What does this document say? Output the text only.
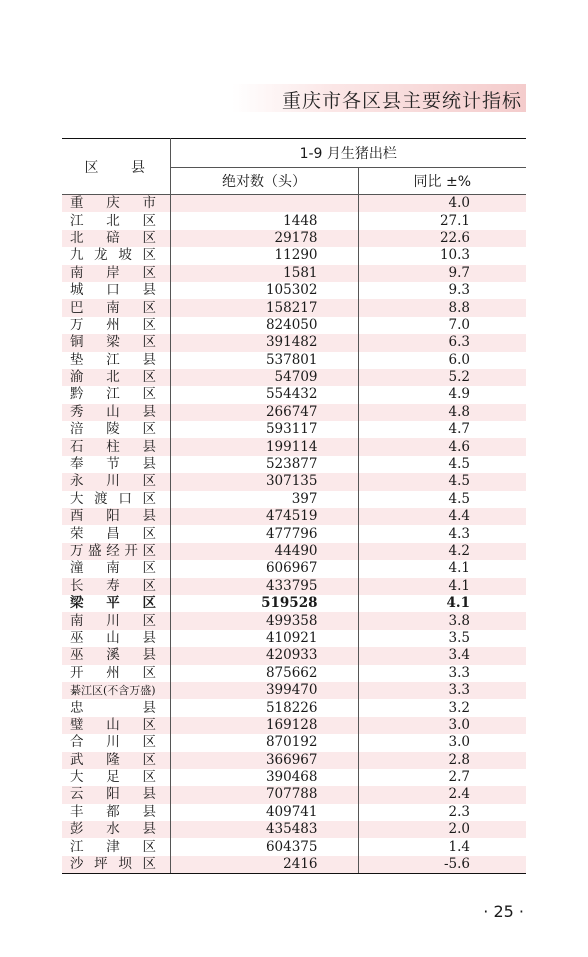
重庆市各区县主要统计指标
区 县	1-9 月生猪出栏	
	绝对数（头）	同比 ±%
重庆市		4.0
江北区	1448	27.1
北碚区	29178	22.6
九龙坡区	11290	10.3
南岸区	1581	9.7
城口县	105302	9.3
巴南区	158217	8.8
万州区	824050	7.0
铜梁区	391482	6.3
垫江县	537801	6.0
渝北区	54709	5.2
黔江区	554432	4.9
秀山县	266747	4.8
涪陵区	593117	4.7
石柱县	199114	4.6
奉节县	523877	4.5
永川区	307135	4.5
大渡口区	397	4.5
酉阳县	474519	4.4
荣昌区	477796	4.3
万盛经开区	44490	4.2
潼南区	606967	4.1
长寿区	433795	4.1
梁平区	519528	4.1
南川区	499358	3.8
巫山县	410921	3.5
巫溪县	420933	3.4
开州区	875662	3.3
綦江区(不含万盛)	399470	3.3
忠县	518226	3.2
璧山区	169128	3.0
合川区	870192	3.0
武隆区	366967	2.8
大足区	390468	2.7
云阳县	707788	2.4
丰都县	409741	2.3
彭水县	435483	2.0
江津区	604375	1.4
沙坪坝区	2416	-5.6
· 25 ·
